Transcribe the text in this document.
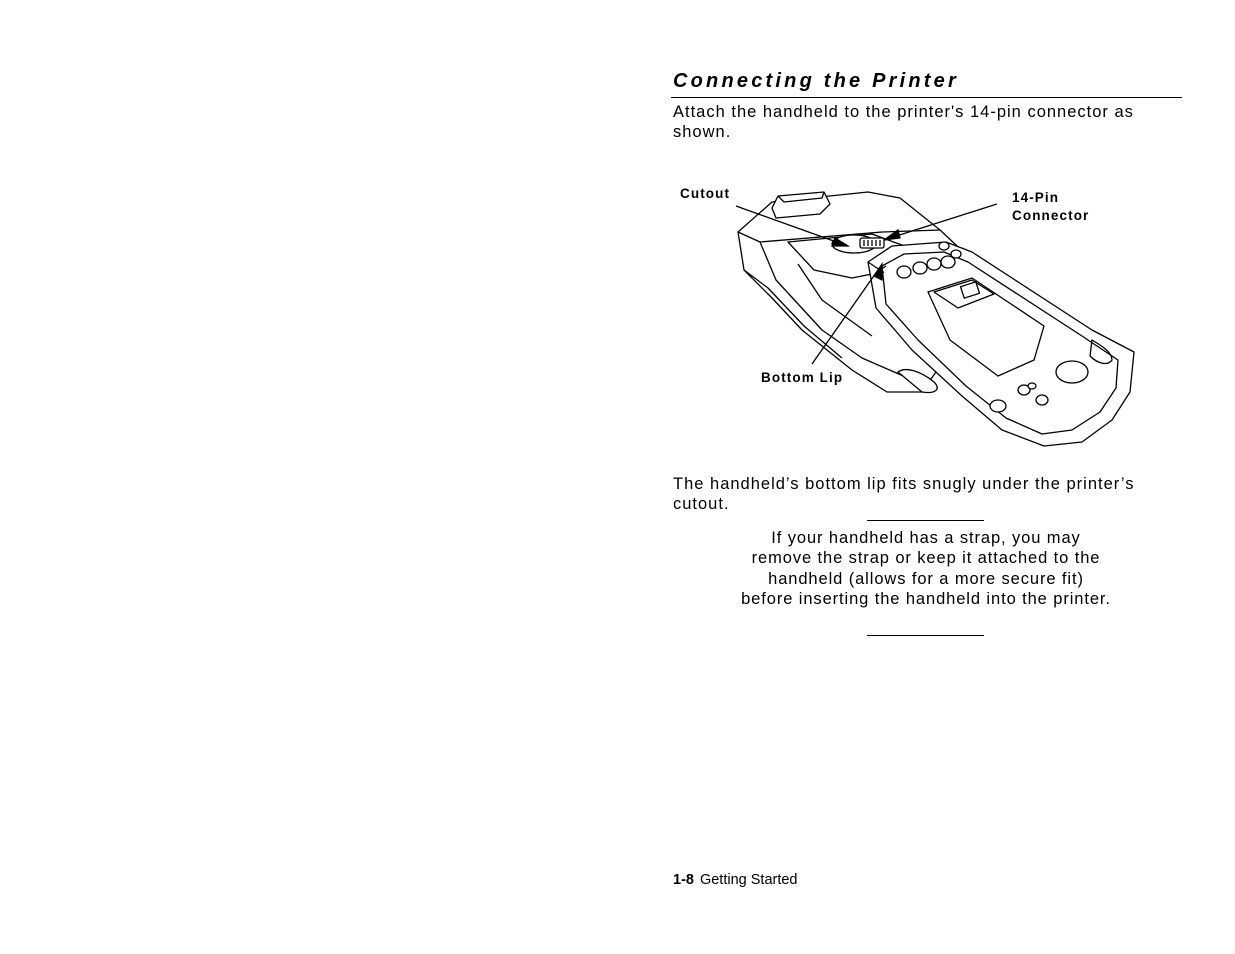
Connecting the Printer

Attach the handheld to the printer's 14-pin connector as shown.

Cutout	14-Pin Connector
Bottom Lip

The handheld’s bottom lip fits snugly under the printer’s cutout.

If your handheld has a strap, you may remove the strap or keep it attached to the handheld (allows for a more secure fit) before inserting the handheld into the printer.

1-8 Getting Started
